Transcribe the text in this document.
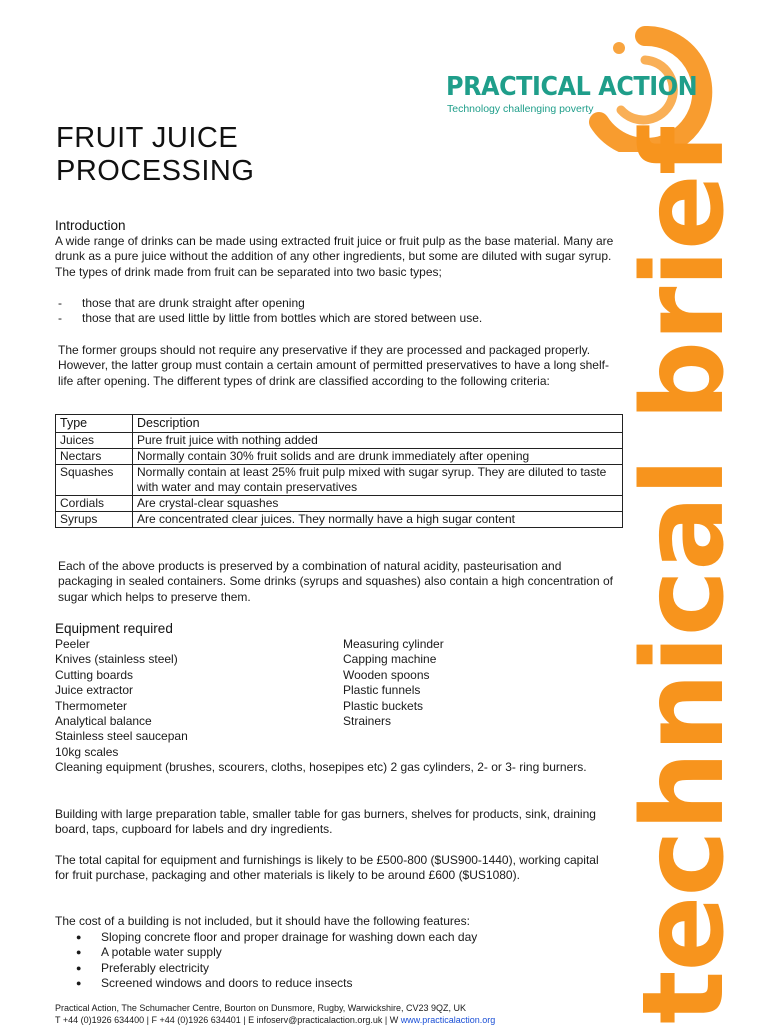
PRACTICAL ACTION
Technology challenging poverty
technical brief
FRUIT JUICE PROCESSING
Introduction
A wide range of drinks can be made using extracted fruit juice or fruit pulp as the base material. Many are drunk as a pure juice without the addition of any other ingredients, but some are diluted with sugar syrup. The types of drink made from fruit can be separated into two basic types;
- those that are drunk straight after opening
- those that are used little by little from bottles which are stored between use.
The former groups should not require any preservative if they are processed and packaged properly. However, the latter group must contain a certain amount of permitted preservatives to have a long shelf-life after opening. The different types of drink are classified according to the following criteria:
Type	Description
Juices	Pure fruit juice with nothing added
Nectars	Normally contain 30% fruit solids and are drunk immediately after opening
Squashes	Normally contain at least 25% fruit pulp mixed with sugar syrup. They are diluted to taste with water and may contain preservatives
Cordials	Are crystal-clear squashes
Syrups	Are concentrated clear juices. They normally have a high sugar content
Each of the above products is preserved by a combination of natural acidity, pasteurisation and packaging in sealed containers. Some drinks (syrups and squashes) also contain a high concentration of sugar which helps to preserve them.
Equipment required
Peeler
Knives (stainless steel)
Cutting boards
Juice extractor
Thermometer
Analytical balance
Stainless steel saucepan
10kg scales
Measuring cylinder
Capping machine
Wooden spoons
Plastic funnels
Plastic buckets
Strainers
Cleaning equipment (brushes, scourers, cloths, hosepipes etc) 2 gas cylinders, 2- or 3- ring burners.
Building with large preparation table, smaller table for gas burners, shelves for products, sink, draining board, taps, cupboard for labels and dry ingredients.
The total capital for equipment and furnishings is likely to be £500-800 ($US900-1440), working capital for fruit purchase, packaging and other materials is likely to be around £600 ($US1080).
The cost of a building is not included, but it should have the following features:
● Sloping concrete floor and proper drainage for washing down each day
● A potable water supply
● Preferably electricity
● Screened windows and doors to reduce insects
Practical Action, The Schumacher Centre, Bourton on Dunsmore, Rugby, Warwickshire, CV23 9QZ, UK
T +44 (0)1926 634400 | F +44 (0)1926 634401 | E infoserv@practicalaction.org.uk | W www.practicalaction.org
